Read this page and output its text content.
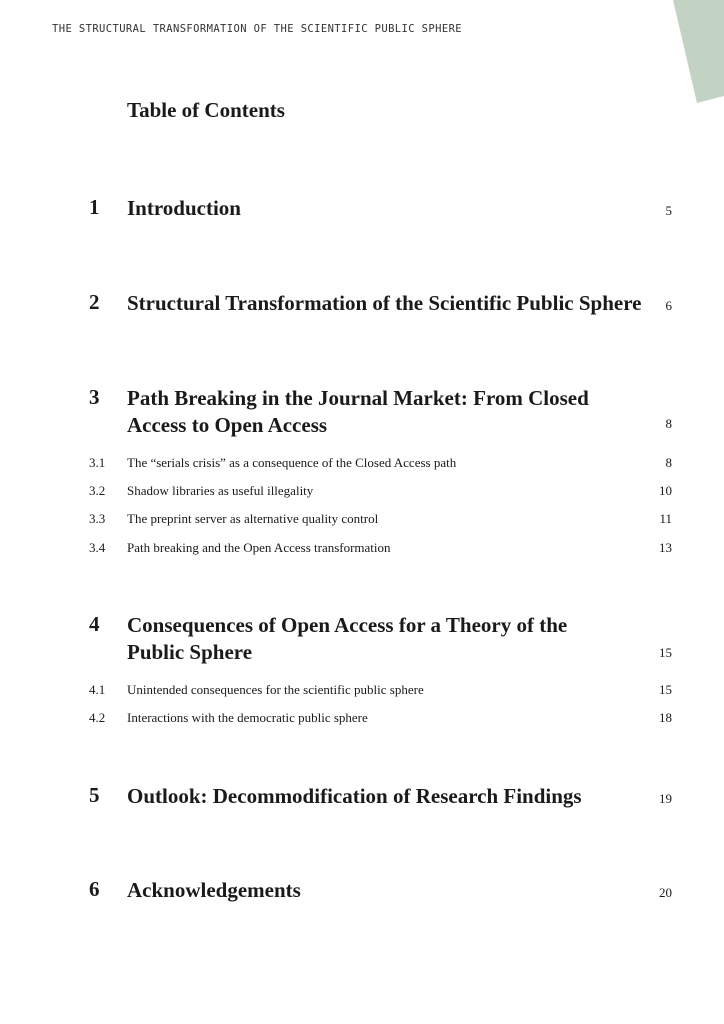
THE STRUCTURAL TRANSFORMATION OF THE SCIENTIFIC PUBLIC SPHERE
Table of Contents
1 Introduction	5
2 Structural Transformation of the Scientific Public Sphere	6
3 Path Breaking in the Journal Market: From Closed
Access to Open Access	8
3.1 The “serials crisis” as a consequence of the Closed Access path	8
3.2 Shadow libraries as useful illegality	10
3.3 The preprint server as alternative quality control	11
3.4 Path breaking and the Open Access transformation	13
4 Consequences of Open Access for a Theory of the
Public Sphere	15
4.1 Unintended consequences for the scientific public sphere	15
4.2 Interactions with the democratic public sphere	18
5 Outlook: Decommodification of Research Findings	19
6 Acknowledgements	20
